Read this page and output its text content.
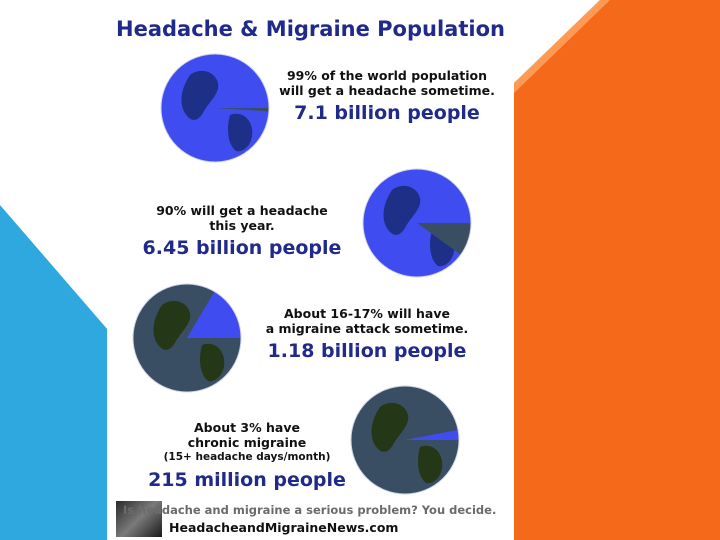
Headache & Migraine Population
99% of the world population
will get a headache sometime.
7.1 billion people
90% will get a headache
this year.
6.45 billion people
About 16-17% will have
a migraine attack sometime.
1.18 billion people
About 3% have
chronic migraine
(15+ headache days/month)
215 million people
Is headache and migraine a serious problem? You decide.
HeadacheandMigraineNews.com
